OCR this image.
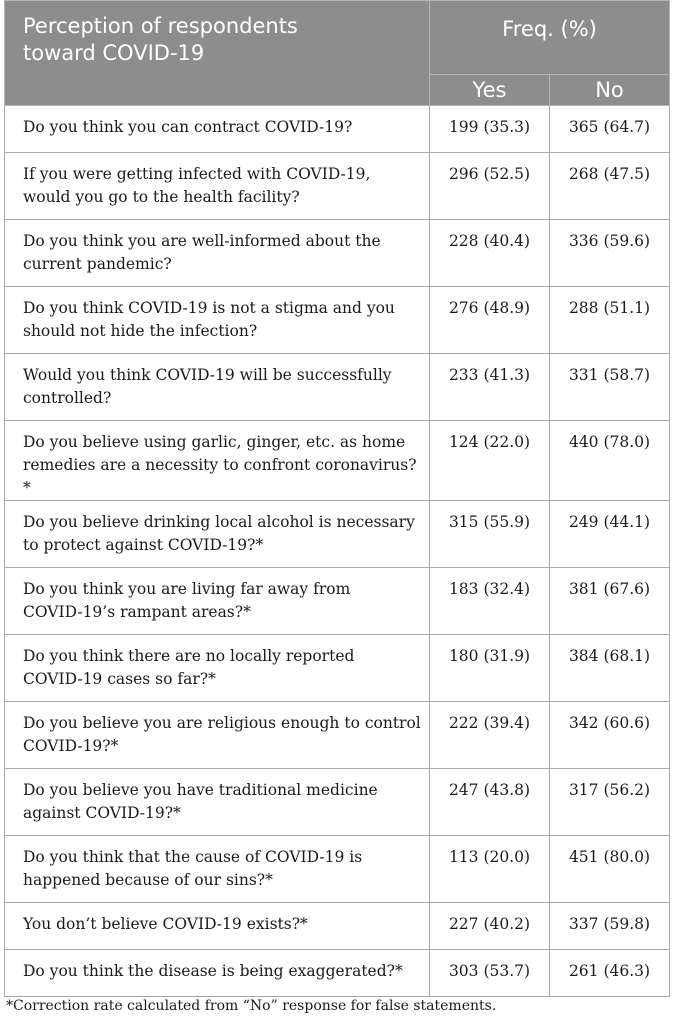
Perception of respondents
toward COVID-19	Freq. (%)	
	Yes	No
Do you think you can contract COVID-19?	199 (35.3)	365 (64.7)
If you were getting infected with COVID-19,
would you go to the health facility?	296 (52.5)	268 (47.5)
Do you think you are well-informed about the
current pandemic?	228 (40.4)	336 (59.6)
Do you think COVID-19 is not a stigma and you
should not hide the infection?	276 (48.9)	288 (51.1)
Would you think COVID-19 will be successfully
controlled?	233 (41.3)	331 (58.7)
Do you believe using garlic, ginger, etc. as home
remedies are a necessity to confront coronavirus?*	124 (22.0)	440 (78.0)
Do you believe drinking local alcohol is necessary
to protect against COVID-19?*	315 (55.9)	249 (44.1)
Do you think you are living far away from
COVID-19’s rampant areas?*	183 (32.4)	381 (67.6)
Do you think there are no locally reported
COVID-19 cases so far?*	180 (31.9)	384 (68.1)
Do you believe you are religious enough to control
COVID-19?*	222 (39.4)	342 (60.6)
Do you believe you have traditional medicine
against COVID-19?*	247 (43.8)	317 (56.2)
Do you think that the cause of COVID-19 is
happened because of our sins?*	113 (20.0)	451 (80.0)
You don’t believe COVID-19 exists?*	227 (40.2)	337 (59.8)
Do you think the disease is being exaggerated?*	303 (53.7)	261 (46.3)
*Correction rate calculated from “No” response for false statements.
